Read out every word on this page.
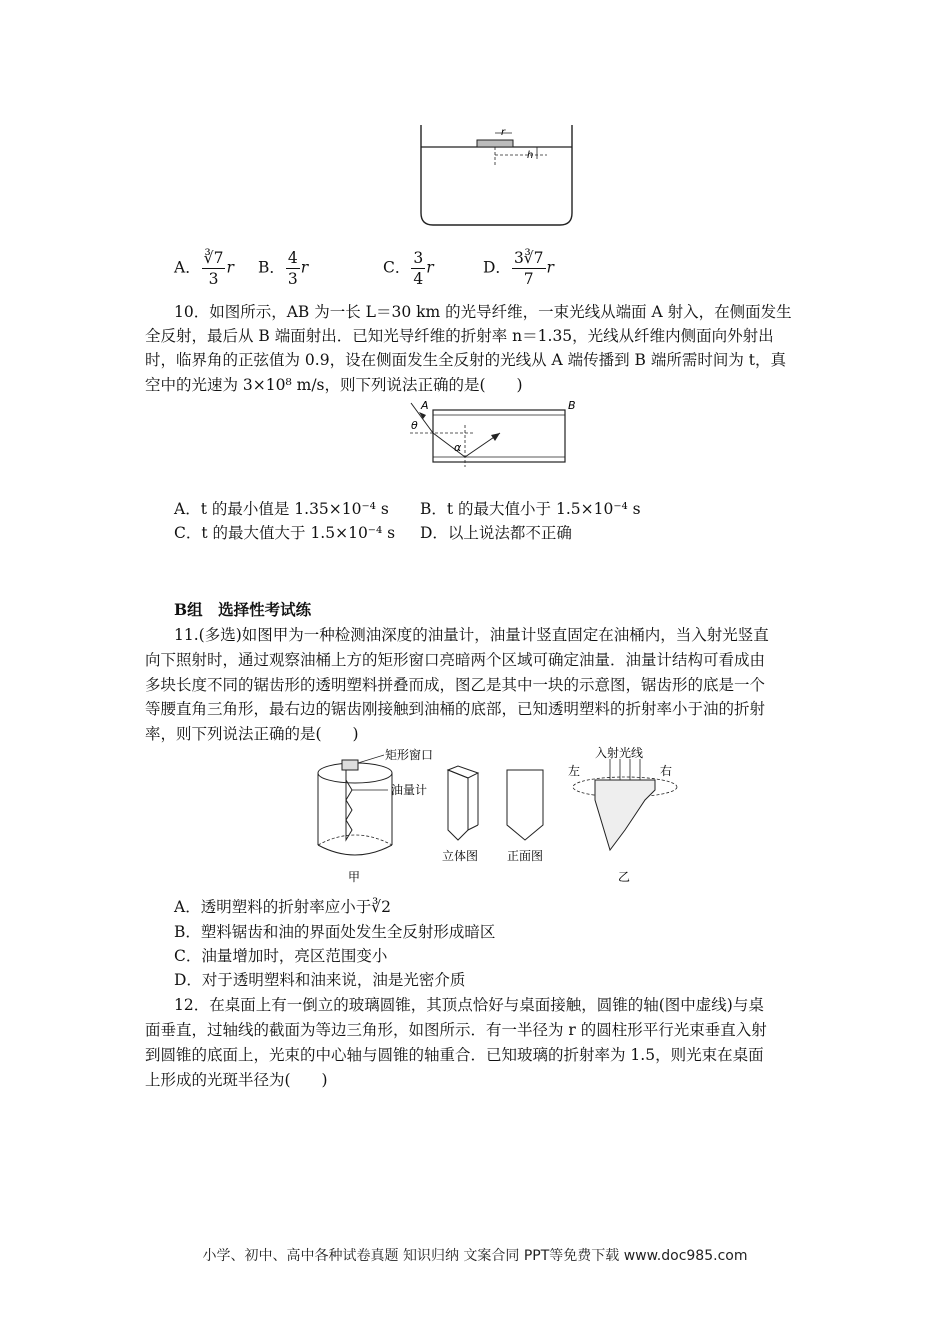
r
h
A． $\frac{∛7}{3}$ r B． $\frac{4}{3}$ r	C． $\frac{3}{4}$ r	D． $\frac{3∛7}{7}$ r
10．如图所示，AB 为一长 L＝30 km 的光导纤维，一束光线从端面 A 射入，在侧面发生
全反射，最后从 B 端面射出．已知光导纤维的折射率 n＝1.35，光线从纤维内侧面向外射出
时，临界角的正弦值为 0.9，设在侧面发生全反射的光线从 A 端传播到 B 端所需时间为 t，真
空中的光速为 3×10⁸ m/s，则下列说法正确的是(　　)
A	B
θ
α
A．t 的最小值是 1.35×10⁻⁴ s B．t 的最大值小于 1.5×10⁻⁴ s
C．t 的最大值大于 1.5×10⁻⁴ s D．以上说法都不正确
B组　选择性考试练
11.(多选)如图甲为一种检测油深度的油量计，油量计竖直固定在油桶内，当入射光竖直
向下照射时，通过观察油桶上方的矩形窗口亮暗两个区域可确定油量．油量计结构可看成由
多块长度不同的锯齿形的透明塑料拼叠而成，图乙是其中一块的示意图，锯齿形的底是一个
等腰直角三角形，最右边的锯齿刚接触到油桶的底部，已知透明塑料的折射率小于油的折射
率，则下列说法正确的是(　　)
矩形窗口
油量计
甲
立体图 正面图
入射光线
左	右
乙
A．透明塑料的折射率应小于∛2
B．塑料锯齿和油的界面处发生全反射形成暗区
C．油量增加时，亮区范围变小
D．对于透明塑料和油来说，油是光密介质
12．在桌面上有一倒立的玻璃圆锥，其顶点恰好与桌面接触，圆锥的轴(图中虚线)与桌
面垂直，过轴线的截面为等边三角形，如图所示．有一半径为 r 的圆柱形平行光束垂直入射
到圆锥的底面上，光束的中心轴与圆锥的轴重合．已知玻璃的折射率为 1.5，则光束在桌面
上形成的光斑半径为(　　)
小学、初中、高中各种试卷真题 知识归纳 文案合同 PPT等免费下载 www.doc985.com
